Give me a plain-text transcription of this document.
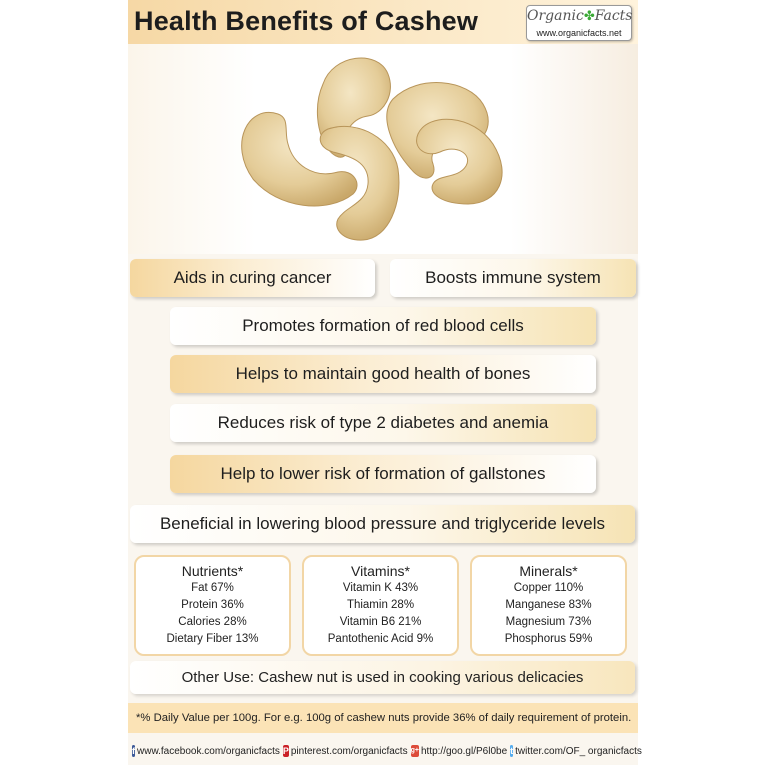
Health Benefits of Cashew	Organic✤Facts
www.organicfacts.net
Aids in curing cancer	Boosts immune system
Promotes formation of red blood cells
Helps to maintain good health of bones
Reduces risk of type 2 diabetes and anemia
Help to lower risk of formation of gallstones
Beneficial in lowering blood pressure and triglyceride levels
Nutrients*
Fat 67%
Protein 36%
Calories 28%
Dietary Fiber 13%
Vitamins*
Vitamin K 43%
Thiamin 28%
Vitamin B6 21%
Pantothenic Acid 9%
Minerals*
Copper 110%
Manganese 83%
Magnesium 73%
Phosphorus 59%
Other Use: Cashew nut is used in cooking various delicacies
*% Daily Value per 100g. For e.g. 100g of cashew nuts provide 36% of daily requirement of protein.
f www.facebook.com/organicfacts P pinterest.com/organicfacts g+ http://goo.gl/P6l0be t twitter.com/OF_ organicfacts
